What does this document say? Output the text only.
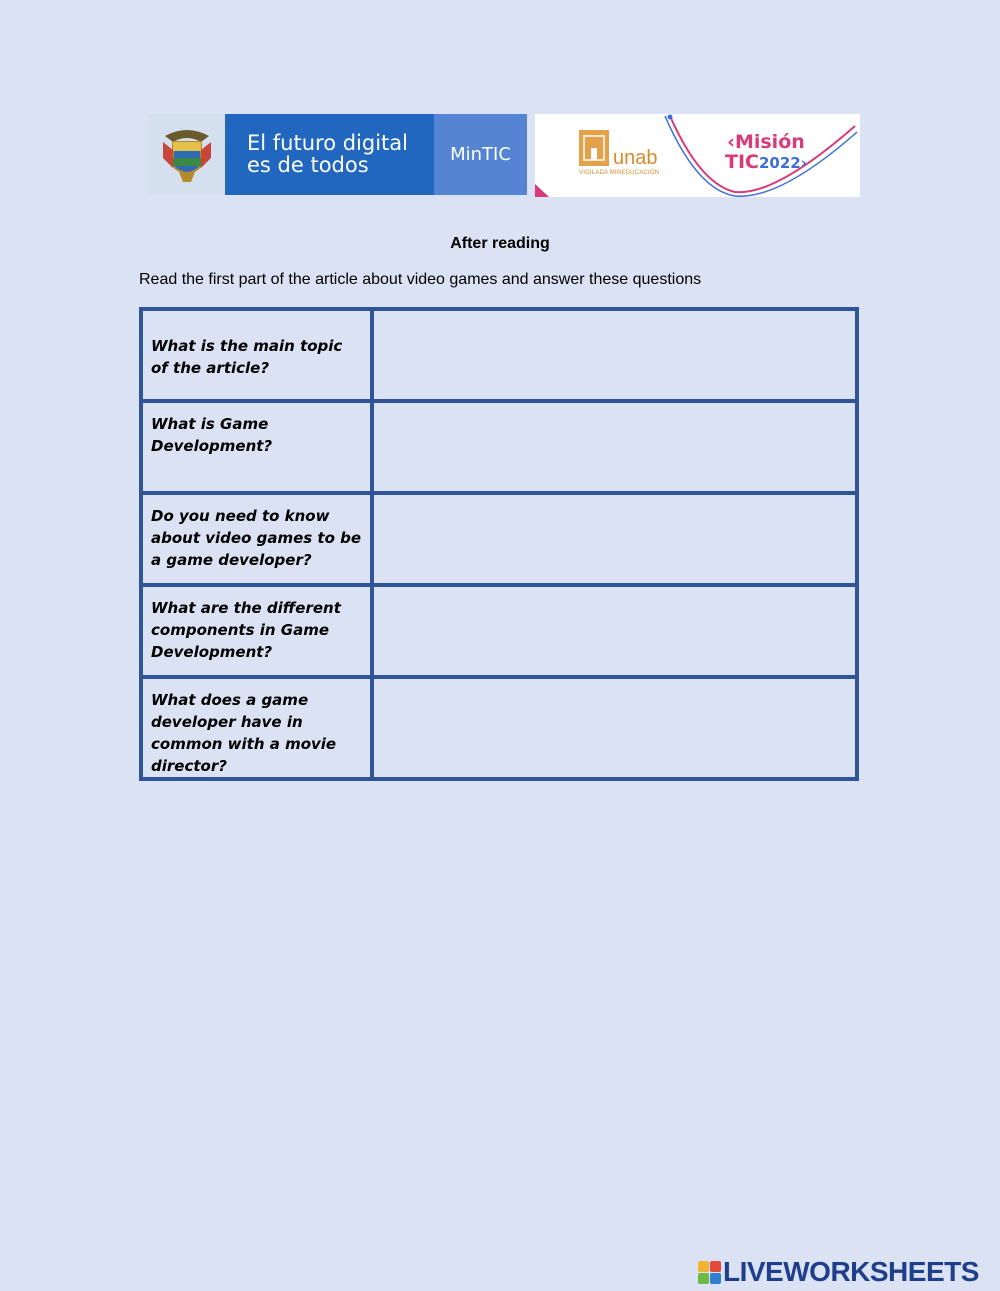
El futuro digital
es de todos	MinTIC	unab
VIGILADA MINEDUCACIÓN
‹Misión
TIC2022›
After reading
Read the first part of the article about video games and answer these questions
What is the main topic of the article?	
What is Game Development?	
Do you need to know about video games to be a game developer?	
What are the different components in Game Development?	
What does a game developer have in common with a movie director?	
LIVEWORKSHEETS
